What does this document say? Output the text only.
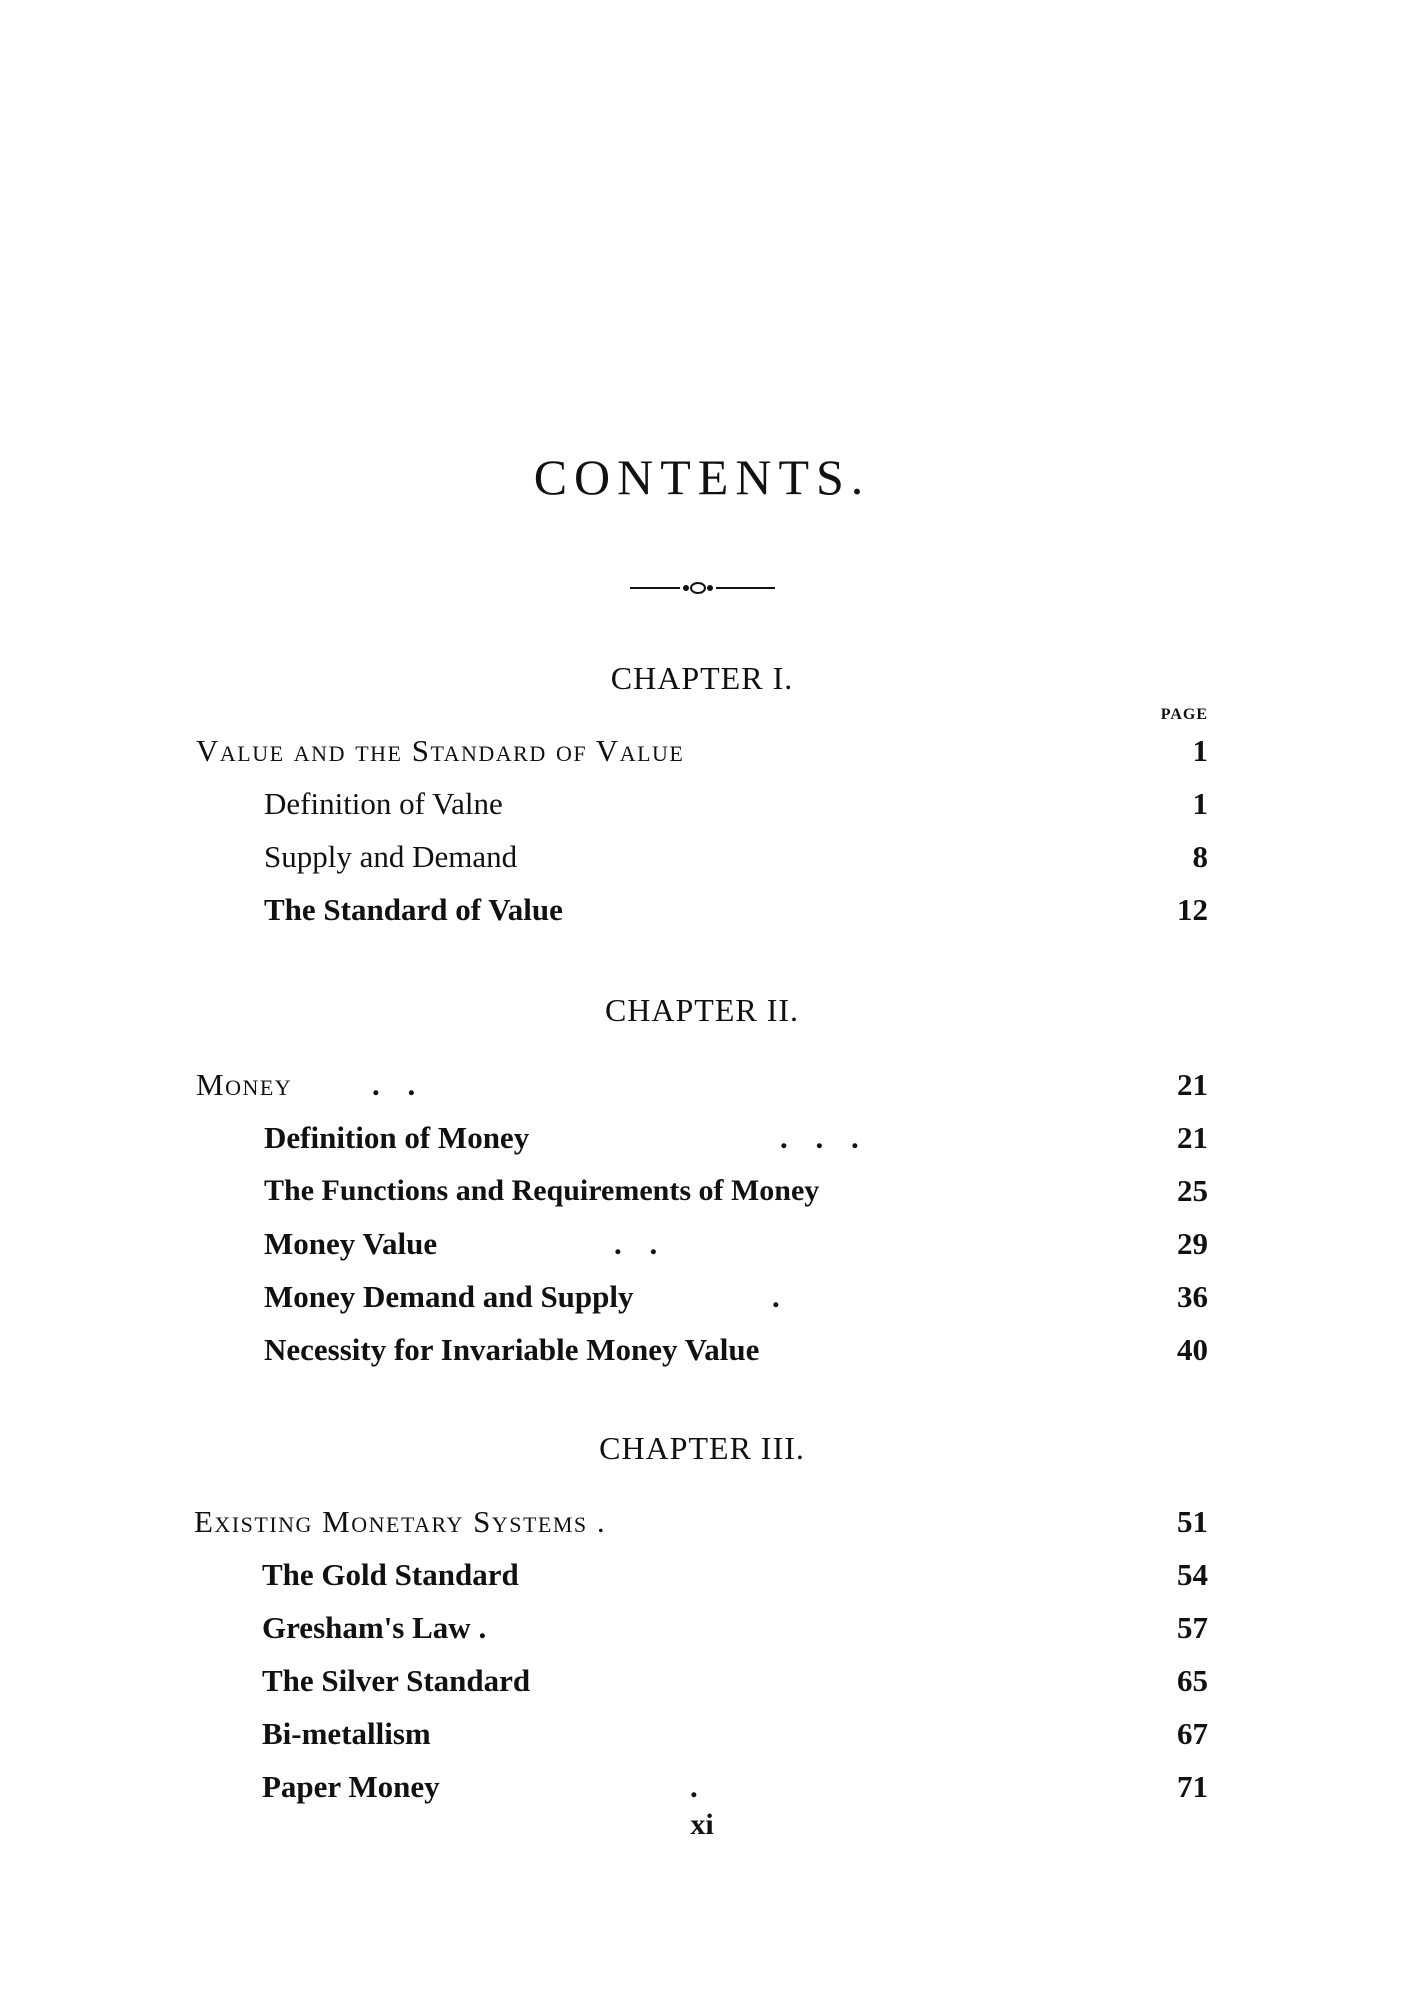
CONTENTS.
CHAPTER I.
PAGE
Value and the Standard of Value	1
Definition of Valne	1
Supply and Demand	8
The Standard of Value	12
CHAPTER II.
Money	. .	21
Definition of Money	. . .	21
The Functions and Requirements of Money	25
Money Value	. .	29
Money Demand and Supply	.	36
Necessity for Invariable Money Value	40
CHAPTER III.
Existing Monetary Systems .	51
The Gold Standard	54
Gresham's Law .	57
The Silver Standard	65
Bi-metallism	67
Paper Money	.	71
xi
